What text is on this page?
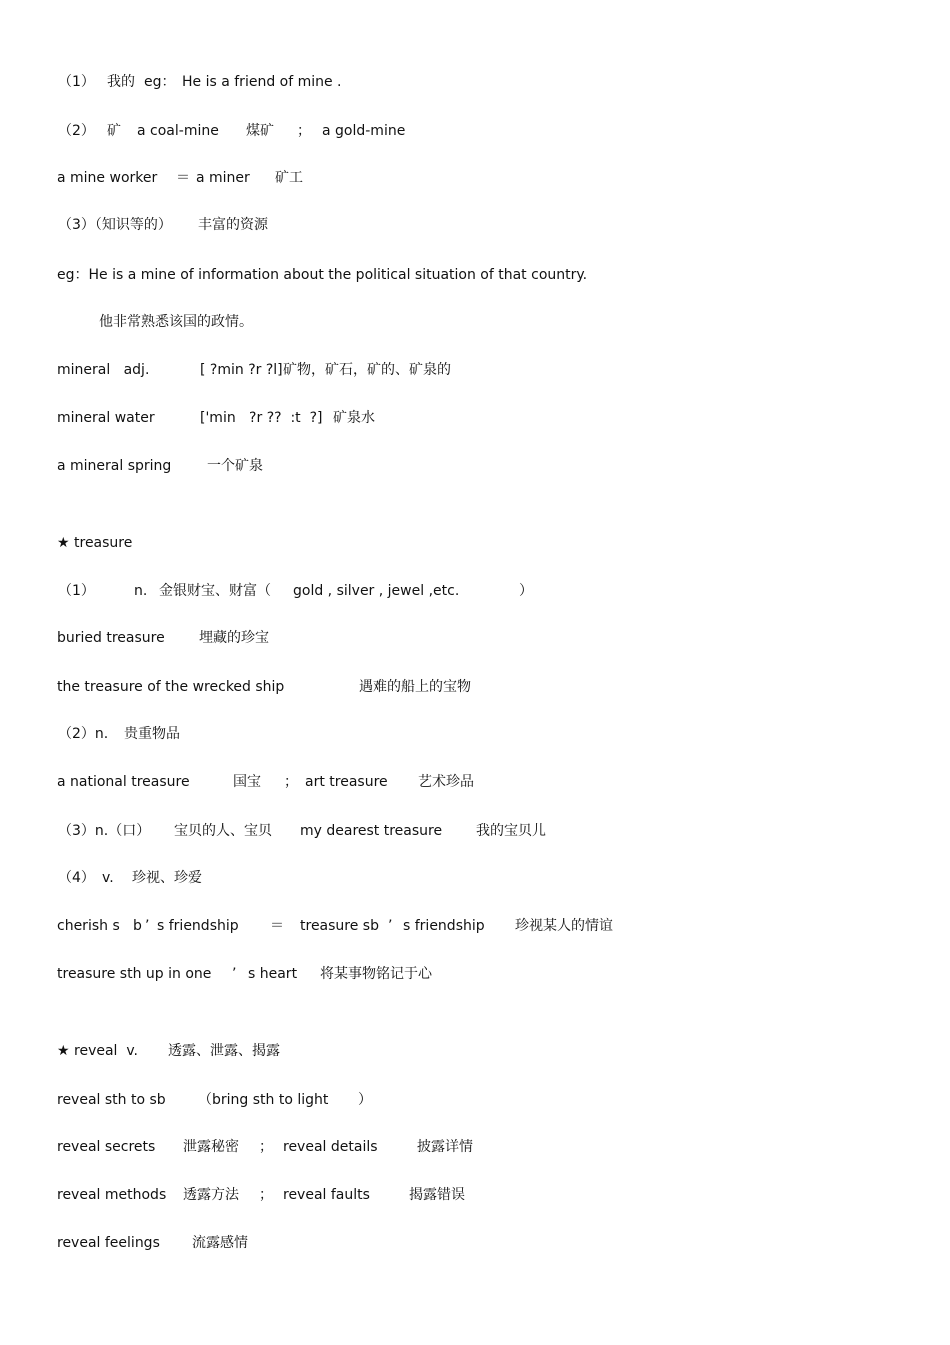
（1） 我的 eg： He is a friend of mine .
（2） 矿 a coal-mine 煤矿 ； a gold-mine
a mine worker ＝ a miner 矿工
（3）（知识等的） 丰富的资源
eg：He is a mine of information about the political situation of that country.
他非常熟悉该国的政情。
mineral   adj.	[ ?min ?r ?l] 矿物，矿石，矿的、矿泉的
mineral water	['min   ?r ??  :t  ?] 矿泉水
a mineral spring	一个矿泉
★ treasure
（1）	n. 金银财宝、财富（ gold , silver , jewel ,etc.	）
buried treasure 埋藏的珍宝
the treasure of the wrecked ship	遇难的船上的宝物
（2）n. 贵重物品
a national treasure	国宝 ； art treasure 艺术珍品
（3）n.（口） 宝贝的人、宝贝 my dearest treasure 我的宝贝儿
（4） v. 珍视、珍爱
cherish s b ’ s friendship ＝ treasure sb ’ s friendship 珍视某人的情谊
treasure sth up in one ’ s heart 将某事物铭记于心
★ reveal  v. 透露、泄露、揭露
reveal sth to sb （bring sth to light ）
reveal secrets 泄露秘密 ； reveal details	披露详情
reveal methods 透露方法 ； reveal faults	揭露错误
reveal feelings 流露感情
